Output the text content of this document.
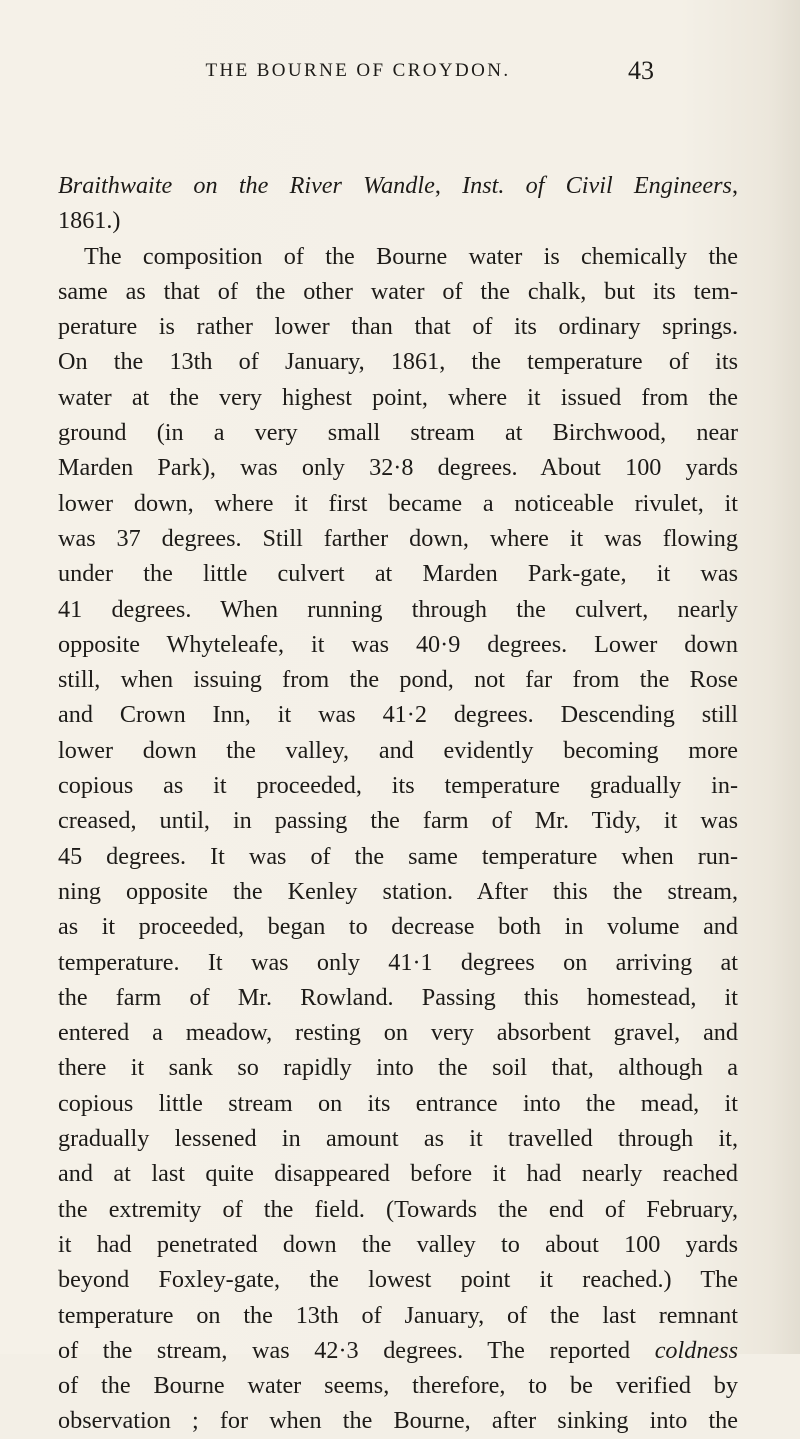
THE BOURNE OF CROYDON.	43
Braithwaite on the River Wandle, Inst. of Civil Engineers,
1861.)
The composition of the Bourne water is chemically the
same as that of the other water of the chalk, but its tem-
perature is rather lower than that of its ordinary springs.
On the 13th of January, 1861, the temperature of its
water at the very highest point, where it issued from the
ground (in a very small stream at Birchwood, near
Marden Park), was only 32·8 degrees. About 100 yards
lower down, where it first became a noticeable rivulet, it
was 37 degrees. Still farther down, where it was flowing
under the little culvert at Marden Park-gate, it was
41 degrees. When running through the culvert, nearly
opposite Whyteleafe, it was 40·9 degrees. Lower down
still, when issuing from the pond, not far from the Rose
and Crown Inn, it was 41·2 degrees. Descending still
lower down the valley, and evidently becoming more
copious as it proceeded, its temperature gradually in-
creased, until, in passing the farm of Mr. Tidy, it was
45 degrees. It was of the same temperature when run-
ning opposite the Kenley station. After this the stream,
as it proceeded, began to decrease both in volume and
temperature. It was only 41·1 degrees on arriving at
the farm of Mr. Rowland. Passing this homestead, it
entered a meadow, resting on very absorbent gravel, and
there it sank so rapidly into the soil that, although a
copious little stream on its entrance into the mead, it
gradually lessened in amount as it travelled through it,
and at last quite disappeared before it had nearly reached
the extremity of the field. (Towards the end of February,
it had penetrated down the valley to about 100 yards
beyond Foxley-gate, the lowest point it reached.) The
temperature on the 13th of January, of the last remnant
of the stream, was 42·3 degrees. The reported coldness
of the Bourne water seems, therefore, to be verified by
observation ; for when the Bourne, after sinking into the
